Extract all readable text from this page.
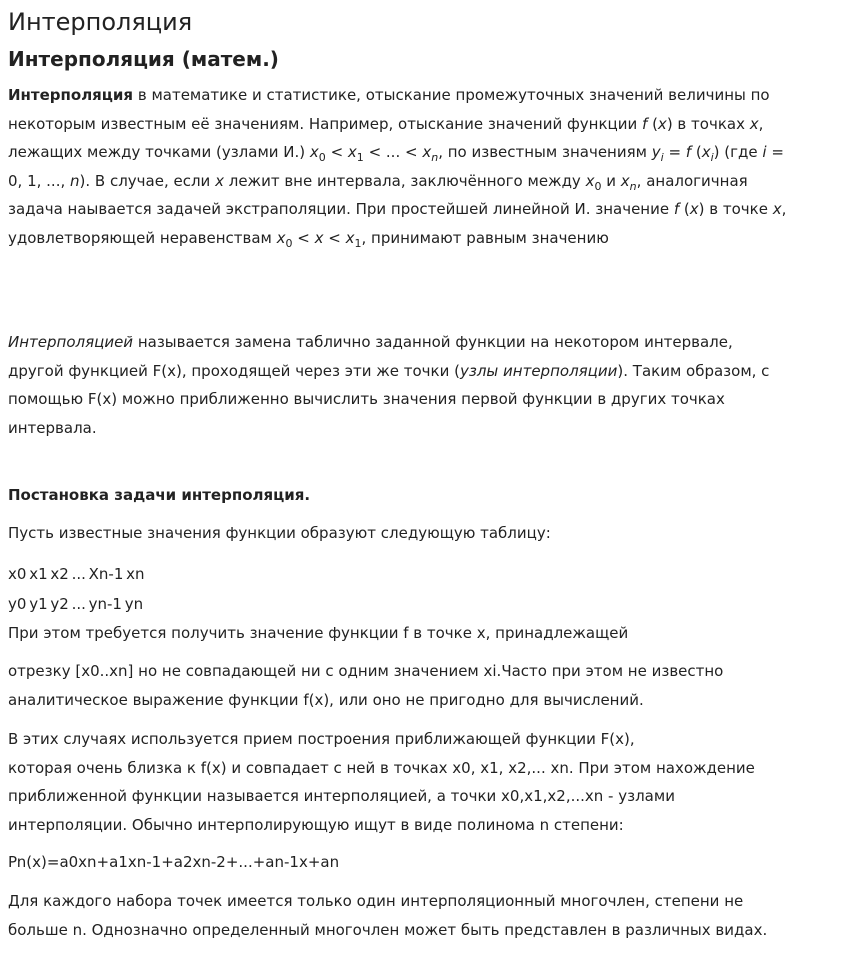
Интерполяция
Интерполяция (матем.)
Интерполяция в математике и статистике, отыскание промежуточных значений величины по
некоторым известным её значениям. Например, отыскание значений функции f (x) в точках x,
лежащих между точками (узлами И.) $x_0 < x_1$ < ... < $x_n$, по известным значениям $y_i = f$ $(x_i)$ (где i =
0, 1, ..., n). В случае, если x лежит вне интервала, заключённого между $x_0$ и $x_n$, аналогичная
задача наывается задачей экстраполяции. При простейшей линейной И. значение f (x) в точке x,
удовлетворяющей неравенствам $x_0 < x < x_1$, принимают равным значению
Интерполяцией называется замена таблично заданной функции на некотором интервале,
другой функцией F(x), проходящей через эти же точки (узлы интерполяции). Таким образом, с
помощью F(x) можно приближенно вычислить значения первой функции в других точках
интервала.
Постановка задачи интерполяция.
Пусть известные значения функции образуют следующую таблицу:
x0 x1 x2 ... Xn-1 xn
y0 y1 y2 ... yn-1 yn
При этом требуется получить значение функции f в точке x, принадлежащей
отрезку [x0..xn] но не совпадающей ни с одним значением xi.Часто при этом не известно
аналитическое выражение функции f(x), или оно не пригодно для вычислений.
В этих случаях используется прием построения приближающей функции F(x),
которая очень близка к f(x) и совпадает с ней в точках x0, x1, x2,... xn. При этом нахождение
приближенной функции называется интерполяцией, а точки x0,x1,x2,...xn - узлами
интерполяции. Обычно интерполирующую ищут в виде полинома n степени:
Pn(x)=a0xn+a1xn-1+a2xn-2+...+an-1x+an
Для каждого набора точек имеется только один интерполяционный многочлен, степени не
больше n. Однозначно определенный многочлен может быть представлен в различных видах.
